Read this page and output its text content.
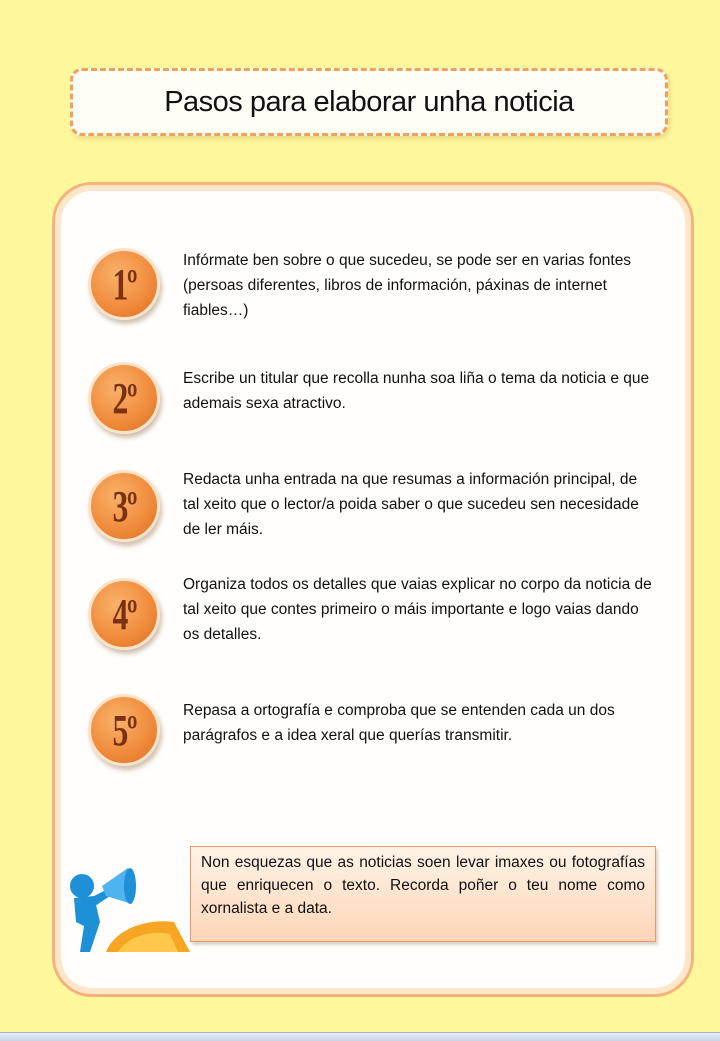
Pasos para elaborar unha noticia
1º	Infórmate ben sobre o que sucedeu, se pode ser en varias fontes (persoas diferentes, libros de información, páxinas de internet fiables…)
2º	Escribe un titular que recolla nunha soa liña o tema da noticia e que ademais sexa atractivo.
3º
Redacta unha entrada na que resumas a información principal, de tal xeito que o lector/a poida saber o que sucedeu sen necesidade de ler máis.
4º
Organiza todos os detalles que vaias explicar no corpo da noticia de tal xeito que contes primeiro o máis importante e logo vaias dando os detalles.
5º	Repasa a ortografía e comproba que se entenden cada un dos parágrafos e a idea xeral que querías transmitir.
Non esquezas que as noticias soen levar imaxes ou fotografías que enriquecen o texto. Recorda poñer o teu nome como xornalista e a data.
